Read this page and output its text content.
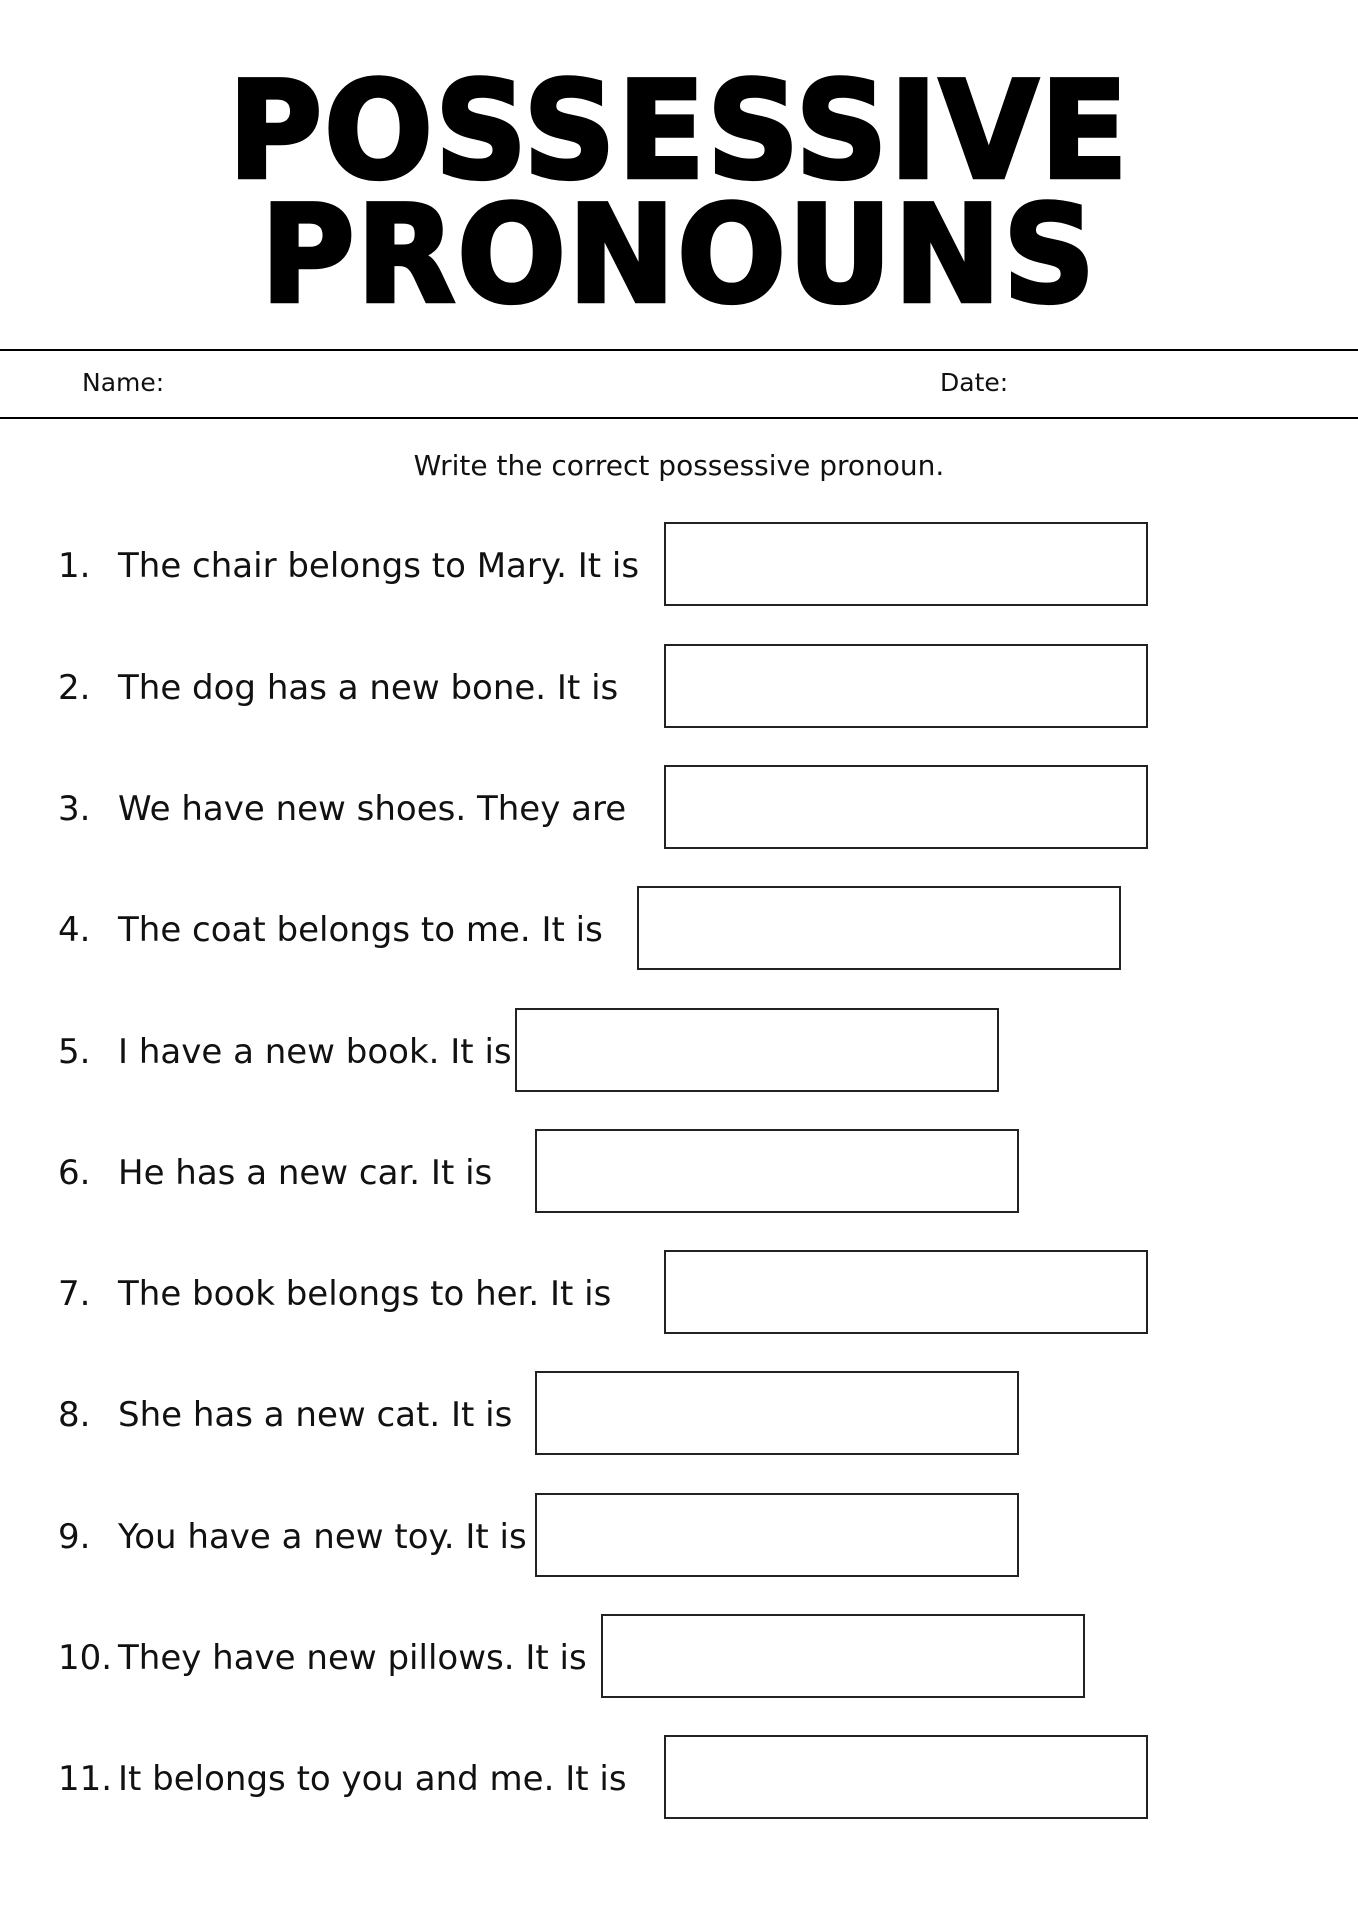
POSSESSIVE
PRONOUNS
Name:	Date:
Write the correct possessive pronoun.
1. The chair belongs to Mary. It is
2. The dog has a new bone. It is
3. We have new shoes. They are
4. The coat belongs to me. It is
5. I have a new book. It is
6. He has a new car. It is
7. The book belongs to her. It is
8. She has a new cat. It is
9. You have a new toy. It is
10. They have new pillows. It is
11. It belongs to you and me. It is
